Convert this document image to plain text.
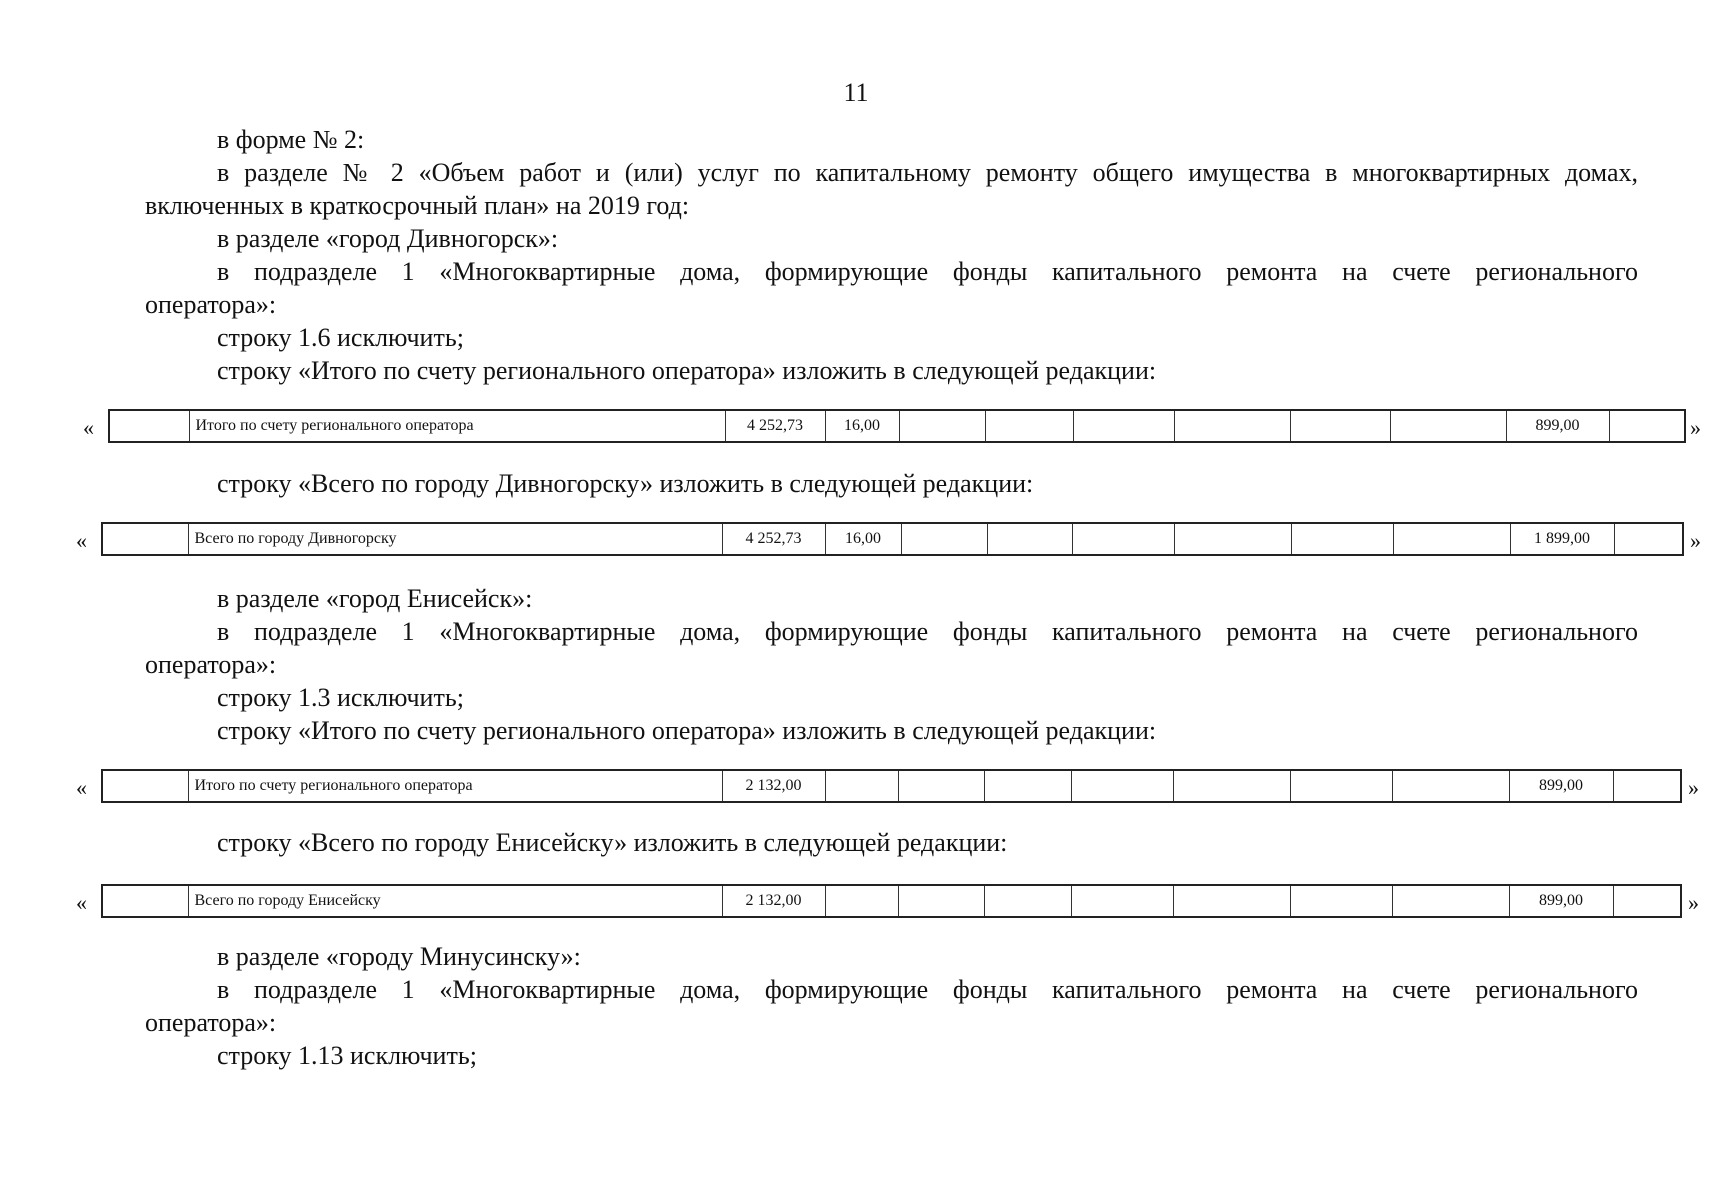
11
в форме № 2:
в разделе № 2 «Объем работ и (или) услуг по капитальному ремонту общего имущества в многоквартирных домах,
включенных в краткосрочный план» на 2019 год:
в разделе «город Дивногорск»:
в подразделе 1 «Многоквартирные дома, формирующие фонды капитального ремонта на счете регионального
оператора»:
строку 1.6 исключить;
строку «Итого по счету регионального оператора» изложить в следующей редакции:
«
		Итого по счету регионального оператора	4 252,73	16,00							899,00		»
строку «Всего по городу Дивногорску» изложить в следующей редакции:
«
		Всего по городу Дивногорску	4 252,73	16,00							1 899,00		»
в разделе «город Енисейск»:
в подразделе 1 «Многоквартирные дома, формирующие фонды капитального ремонта на счете регионального
оператора»:
строку 1.3 исключить;
строку «Итого по счету регионального оператора» изложить в следующей редакции:
«
		Итого по счету регионального оператора	2 132,00								899,00		»
строку «Всего по городу Енисейску» изложить в следующей редакции:
«
		Всего по городу Енисейску	2 132,00								899,00		»
в разделе «городу Минусинску»:
в подразделе 1 «Многоквартирные дома, формирующие фонды капитального ремонта на счете регионального
оператора»:
строку 1.13 исключить;
